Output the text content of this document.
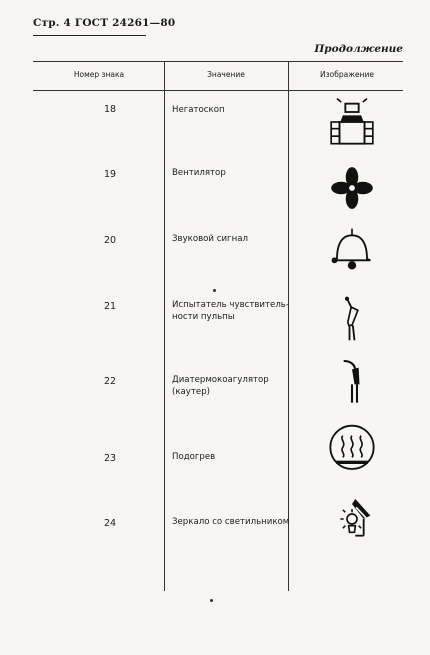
Стр. 4 ГОСТ 24261—80
Продолжение
Номер знака	Значение	Изображение
18	Негатоскоп
19	Вентилятор
20	Звуковой сигнал
21	Испытатель чувствитель-
ности пульпы
22	Диатермокоагулятор
(каутер)
23	Подогрев
24	Зеркало со светильником
